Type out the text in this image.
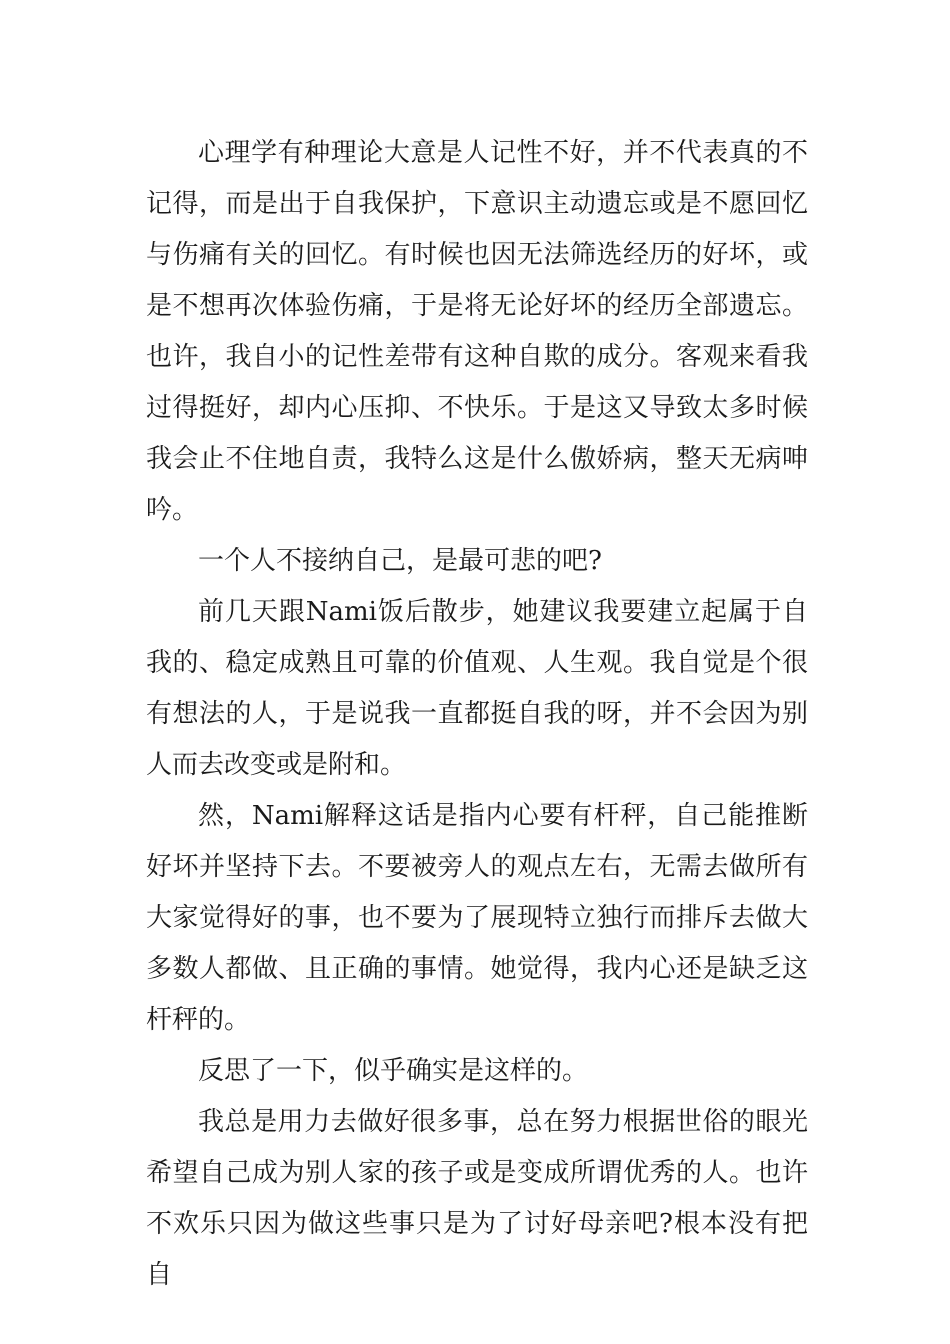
心理学有种理论大意是人记性不好，并不代表真的不记得，而是出于自我保护，下意识主动遗忘或是不愿回忆与伤痛有关的回忆。有时候也因无法筛选经历的好坏，或是不想再次体验伤痛，于是将无论好坏的经历全部遗忘。也许，我自小的记性差带有这种自欺的成分。客观来看我过得挺好，却内心压抑、不快乐。于是这又导致太多时候我会止不住地自责，我特么这是什么傲娇病，整天无病呻吟。

一个人不接纳自己，是最可悲的吧?

前几天跟Nami饭后散步，她建议我要建立起属于自我的、稳定成熟且可靠的价值观、人生观。我自觉是个很有想法的人，于是说我一直都挺自我的呀，并不会因为别人而去改变或是附和。

然，Nami解释这话是指内心要有杆秤，自己能推断好坏并坚持下去。不要被旁人的观点左右，无需去做所有大家觉得好的事，也不要为了展现特立独行而排斥去做大多数人都做、且正确的事情。她觉得，我内心还是缺乏这杆秤的。

反思了一下，似乎确实是这样的。

我总是用力去做好很多事，总在努力根据世俗的眼光希望自己成为别人家的孩子或是变成所谓优秀的人。也许不欢乐只因为做这些事只是为了讨好母亲吧?根本没有把自
